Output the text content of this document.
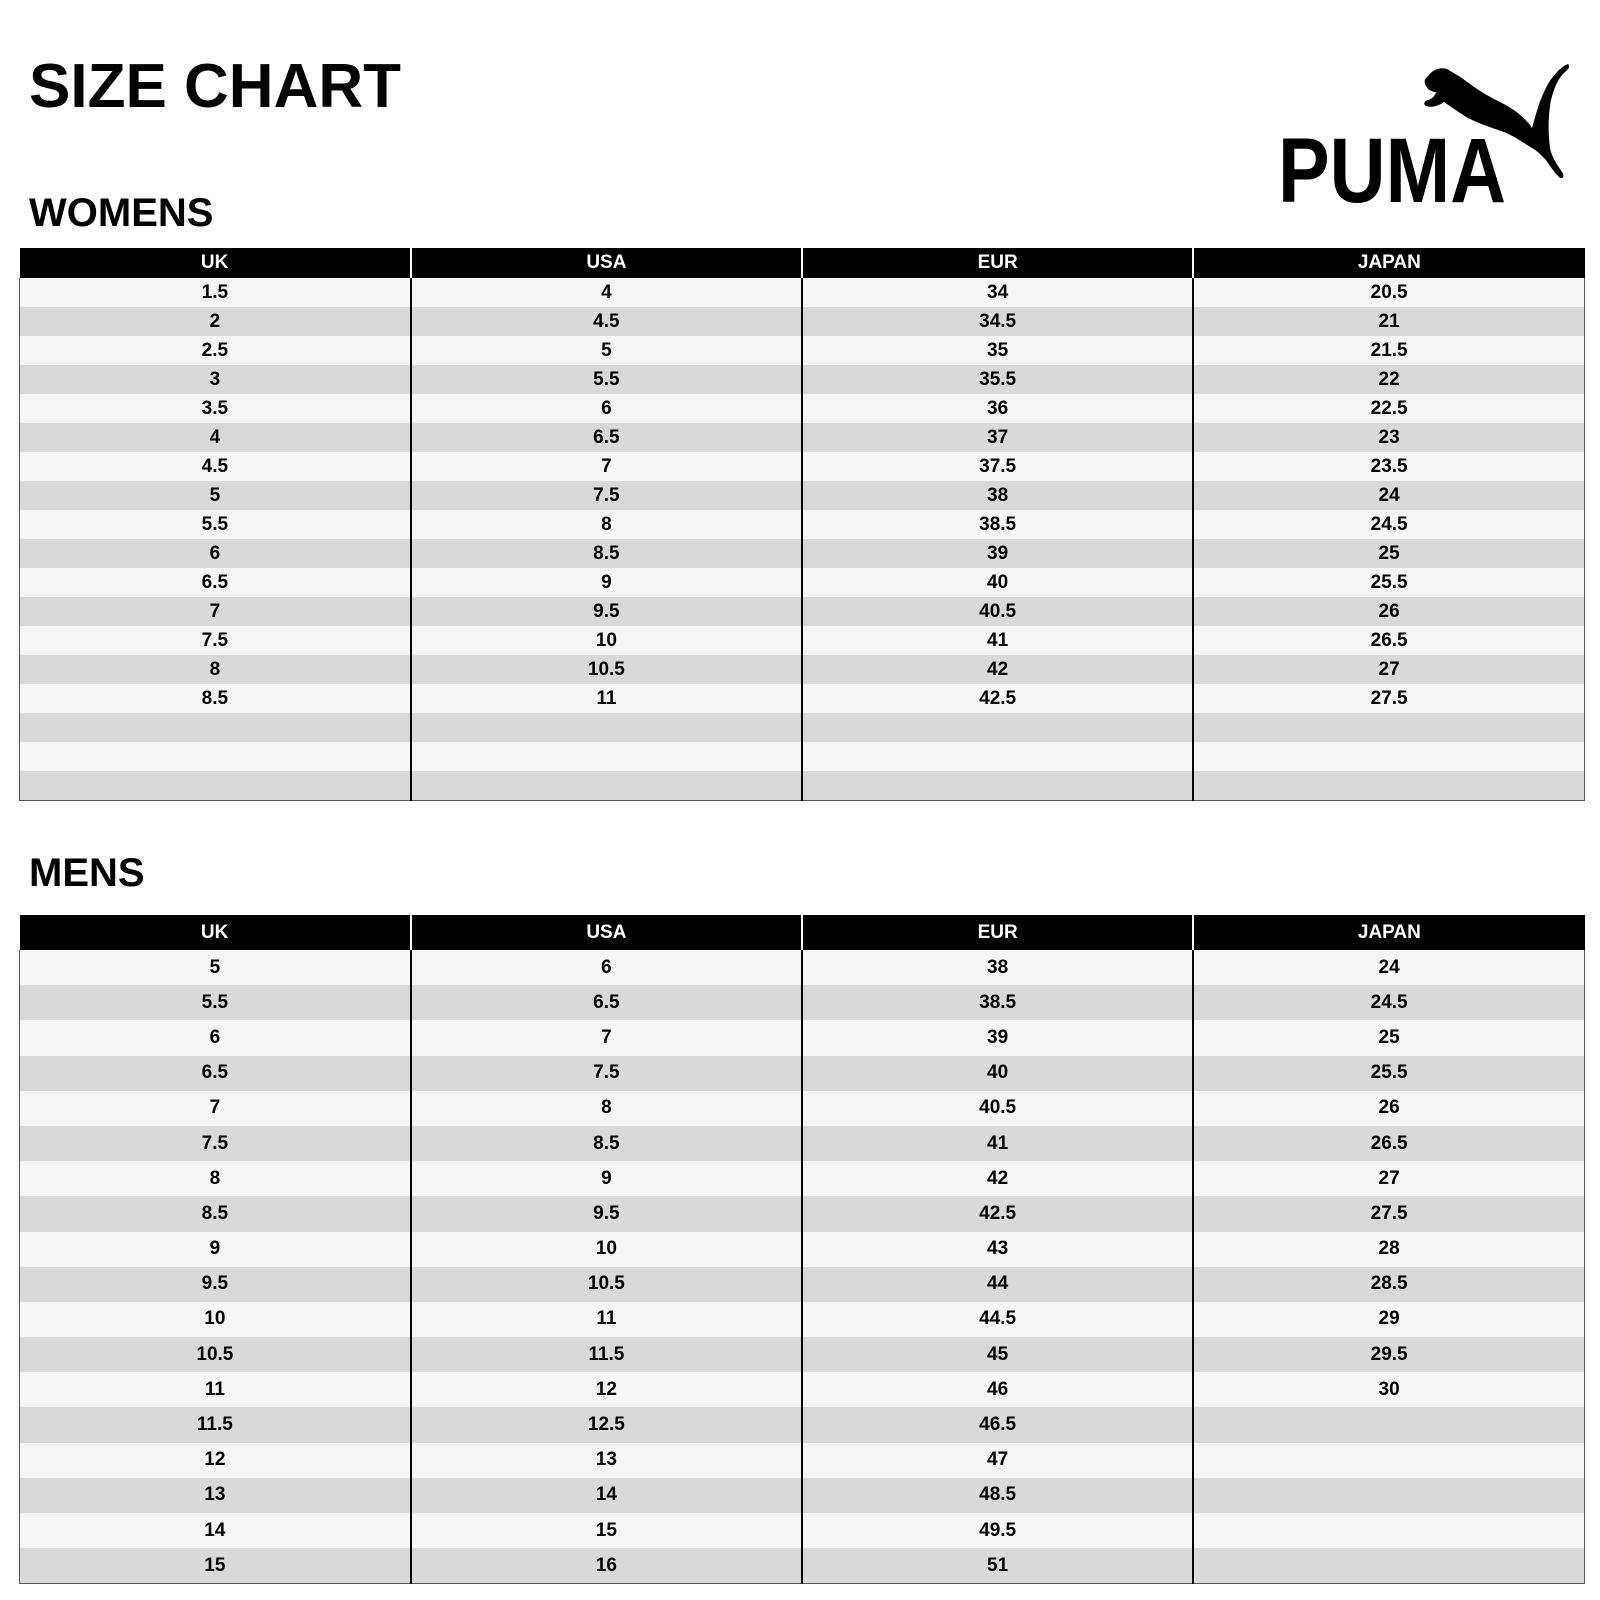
SIZE CHART
PUMA
WOMENS
UK	USA	EUR	JAPAN
1.5	4	34	20.5
2	4.5	34.5	21
2.5	5	35	21.5
3	5.5	35.5	22
3.5	6	36	22.5
4	6.5	37	23
4.5	7	37.5	23.5
5	7.5	38	24
5.5	8	38.5	24.5
6	8.5	39	25
6.5	9	40	25.5
7	9.5	40.5	26
7.5	10	41	26.5
8	10.5	42	27
8.5	11	42.5	27.5

MENS
UK	USA	EUR	JAPAN
5	6	38	24
5.5	6.5	38.5	24.5
6	7	39	25
6.5	7.5	40	25.5
7	8	40.5	26
7.5	8.5	41	26.5
8	9	42	27
8.5	9.5	42.5	27.5
9	10	43	28
9.5	10.5	44	28.5
10	11	44.5	29
10.5	11.5	45	29.5
11	12	46	30
11.5	12.5	46.5	
12	13	47	
13	14	48.5	
14	15	49.5	
15	16	51	
